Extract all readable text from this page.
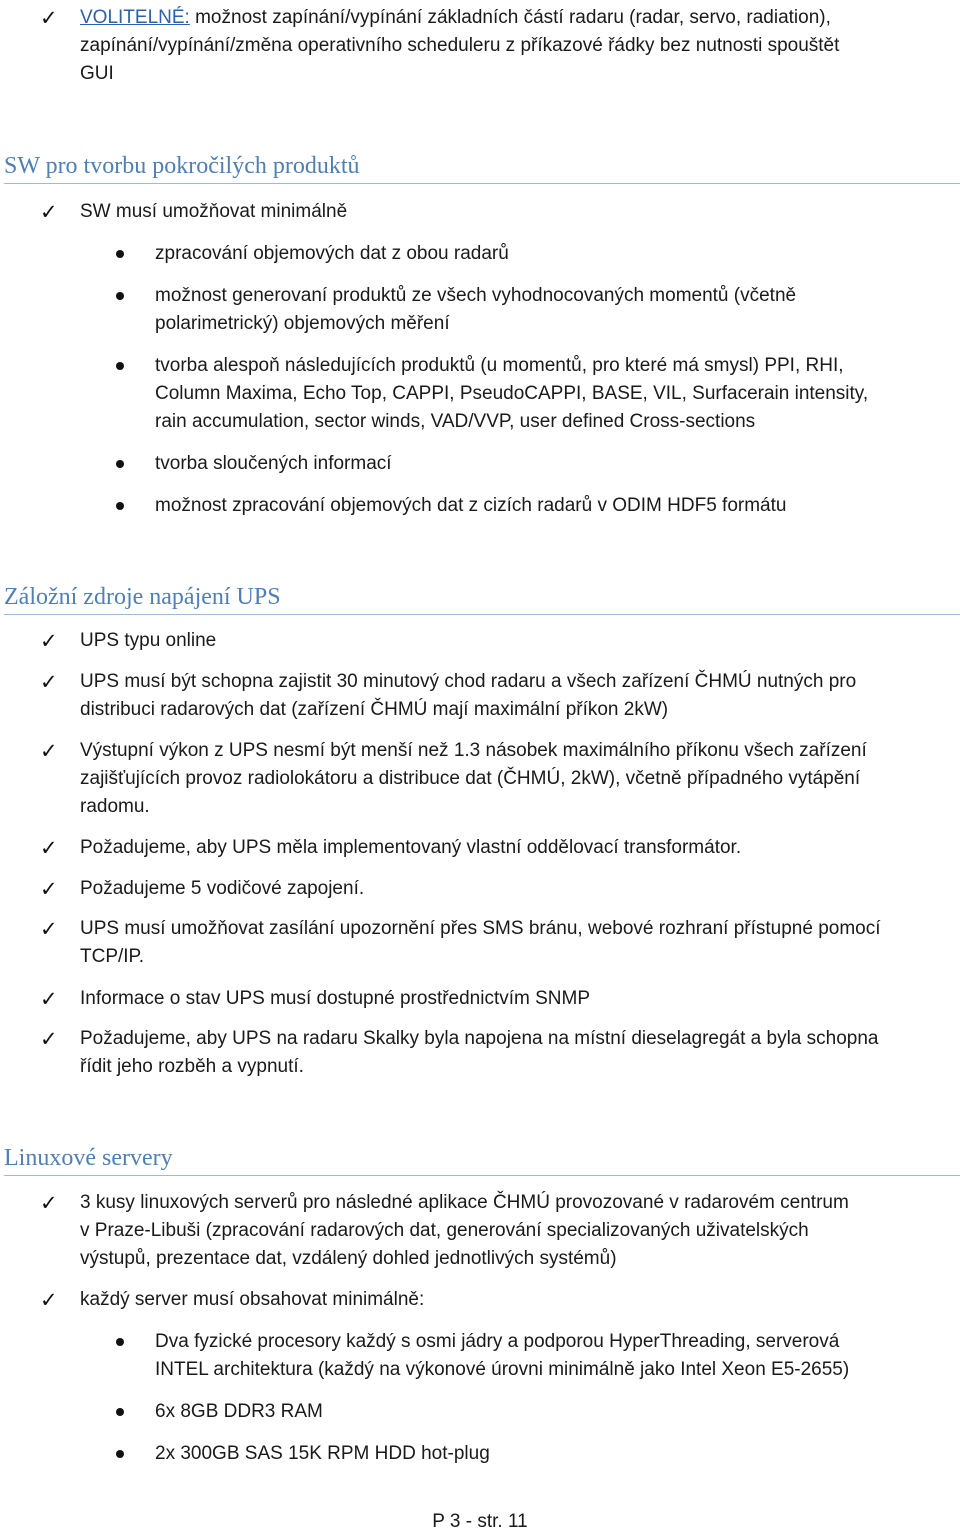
✓ VOLITELNÉ: možnost zapínání/vypínání základních částí radaru (radar, servo, radiation),
zapínání/vypínání/změna operativního scheduleru z příkazové řádky bez nutnosti spouštět
GUI
SW pro tvorbu pokročilých produktů
✓ SW musí umožňovat minimálně
zpracování objemových dat z obou radarů
možnost generovaní produktů ze všech vyhodnocovaných momentů (včetně
polarimetrický) objemových měření
tvorba alespoň následujících produktů (u momentů, pro které má smysl) PPI, RHI,
Column Maxima, Echo Top, CAPPI, PseudoCAPPI, BASE, VIL, Surfacerain intensity,
rain accumulation, sector winds, VAD/VVP, user defined Cross-sections
tvorba sloučených informací
možnost zpracování objemových dat z cizích radarů v ODIM HDF5 formátu
Záložní zdroje napájení UPS
✓ UPS typu online
✓ UPS musí být schopna zajistit 30 minutový chod radaru a všech zařízení ČHMÚ nutných pro
distribuci radarových dat (zařízení ČHMÚ mají maximální příkon 2kW)
✓ Výstupní výkon z UPS nesmí být menší než 1.3 násobek maximálního příkonu všech zařízení
zajišťujících provoz radiolokátoru a distribuce dat (ČHMÚ, 2kW), včetně případného vytápění
radomu.
✓ Požadujeme, aby UPS měla implementovaný vlastní oddělovací transformátor.
✓ Požadujeme 5 vodičové zapojení.
✓ UPS musí umožňovat zasílání upozornění přes SMS bránu, webové rozhraní přístupné pomocí
TCP/IP.
✓ Informace o stav UPS musí dostupné prostřednictvím SNMP
✓ Požadujeme, aby UPS na radaru Skalky byla napojena na místní dieselagregát a byla schopna
řídit jeho rozběh a vypnutí.
Linuxové servery
✓ 3 kusy linuxových serverů pro následné aplikace ČHMÚ provozované v radarovém centrum
v Praze-Libuši (zpracování radarových dat, generování specializovaných uživatelských
výstupů, prezentace dat, vzdálený dohled jednotlivých systémů)
✓ každý server musí obsahovat minimálně:
Dva fyzické procesory každý s osmi jádry a podporou HyperThreading, serverová
INTEL architektura (každý na výkonové úrovni minimálně jako Intel Xeon E5-2655)
6x 8GB DDR3 RAM
2x 300GB SAS 15K RPM HDD hot-plug
P 3 - str. 11
